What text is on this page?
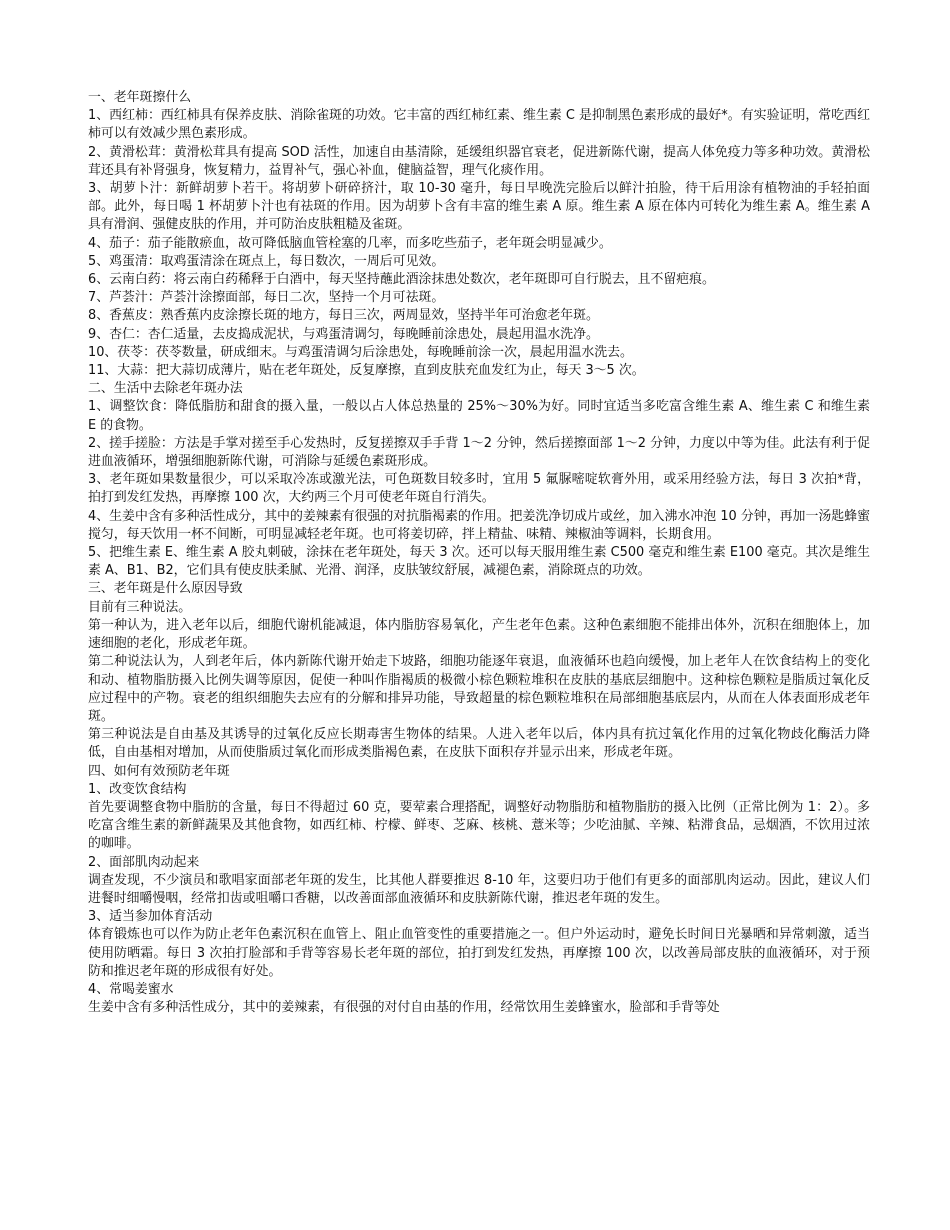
一、老年斑擦什么

1、西红柿：西红柿具有保养皮肤、消除雀斑的功效。它丰富的西红柿红素、维生素 C 是抑制黑色素形成的最好*。有实验证明，常吃西红柿可以有效减少黑色素形成。

2、黄滑松茸：黄滑松茸具有提高 SOD 活性，加速自由基清除，延缓组织器官衰老，促进新陈代谢，提高人体免疫力等多种功效。黄滑松茸还具有补肾强身，恢复精力，益胃补气，强心补血，健脑益智，理气化痰作用。

3、胡萝卜汁：新鲜胡萝卜若干。将胡萝卜研碎挤汁，取 10-30 毫升，每日早晚洗完脸后以鲜汁拍脸，待干后用涂有植物油的手轻拍面部。此外，每日喝 1 杯胡萝卜汁也有祛斑的作用。因为胡萝卜含有丰富的维生素 A 原。维生素 A 原在体内可转化为维生素 A。维生素 A 具有滑润、强健皮肤的作用，并可防治皮肤粗糙及雀斑。

4、茄子：茄子能散瘀血，故可降低脑血管栓塞的几率，而多吃些茄子，老年斑会明显减少。

5、鸡蛋清：取鸡蛋清涂在斑点上，每日数次，一周后可见效。

6、云南白药：将云南白药稀释于白酒中，每天坚持蘸此酒涂抹患处数次，老年斑即可自行脱去，且不留疤痕。

7、芦荟汁：芦荟汁涂擦面部，每日二次，坚持一个月可祛斑。

8、香蕉皮：熟香蕉内皮涂擦长斑的地方，每日三次，两周显效，坚持半年可治愈老年斑。

9、杏仁：杏仁适量，去皮捣成泥状，与鸡蛋清调匀，每晚睡前涂患处，晨起用温水洗净。

10、茯苓：茯苓数量，研成细末。与鸡蛋清调匀后涂患处，每晚睡前涂一次，晨起用温水洗去。

11、大蒜：把大蒜切成薄片，贴在老年斑处，反复摩擦，直到皮肤充血发红为止，每天 3～5 次。

二、生活中去除老年斑办法

1、调整饮食：降低脂肪和甜食的摄入量，一般以占人体总热量的 25%～30%为好。同时宜适当多吃富含维生素 A、维生素 C 和维生素 E 的食物。

2、搓手搓脸：方法是手掌对搓至手心发热时，反复搓擦双手手背 1～2 分钟，然后搓擦面部 1～2 分钟，力度以中等为佳。此法有利于促进血液循环，增强细胞新陈代谢，可消除与延缓色素斑形成。

3、老年斑如果数量很少，可以采取冷冻或激光法，可色斑数目较多时，宜用 5 氟脲嘧啶软膏外用，或采用经验方法，每日 3 次拍*背，拍打到发红发热，再摩擦 100 次，大约两三个月可使老年斑自行消失。

4、生姜中含有多种活性成分，其中的姜辣素有很强的对抗脂褐素的作用。把姜洗净切成片或丝，加入沸水冲泡 10 分钟，再加一汤匙蜂蜜搅匀，每天饮用一杯不间断，可明显减轻老年斑。也可将姜切碎，拌上精盐、味精、辣椒油等调料，长期食用。

5、把维生素 E、维生素 A 胶丸刺破，涂抹在老年斑处，每天 3 次。还可以每天服用维生素 C500 毫克和维生素 E100 毫克。其次是维生素 A、B1、B2，它们具有使皮肤柔腻、光滑、润泽，皮肤皱纹舒展，减褪色素，消除斑点的功效。

三、老年斑是什么原因导致

目前有三种说法。

第一种认为，进入老年以后，细胞代谢机能减退，体内脂肪容易氧化，产生老年色素。这种色素细胞不能排出体外，沉积在细胞体上，加速细胞的老化，形成老年斑。

第二种说法认为，人到老年后，体内新陈代谢开始走下坡路，细胞功能逐年衰退，血液循环也趋向缓慢，加上老年人在饮食结构上的变化和动、植物脂肪摄入比例失调等原因，促使一种叫作脂褐质的极微小棕色颗粒堆积在皮肤的基底层细胞中。这种棕色颗粒是脂质过氧化反应过程中的产物。衰老的组织细胞失去应有的分解和排异功能，导致超量的棕色颗粒堆积在局部细胞基底层内，从而在人体表面形成老年斑。

第三种说法是自由基及其诱导的过氧化反应长期毒害生物体的结果。人进入老年以后，体内具有抗过氧化作用的过氧化物歧化酶活力降低，自由基相对增加，从而使脂质过氧化而形成类脂褐色素，在皮肤下面积存并显示出来，形成老年斑。

四、如何有效预防老年斑

1、改变饮食结构

首先要调整食物中脂肪的含量，每日不得超过 60 克，要荤素合理搭配，调整好动物脂肪和植物脂肪的摄入比例（正常比例为 1：2）。多吃富含维生素的新鲜蔬果及其他食物，如西红柿、柠檬、鲜枣、芝麻、核桃、薏米等；少吃油腻、辛辣、粘滞食品，忌烟酒，不饮用过浓的咖啡。

2、面部肌肉动起来

调查发现，不少演员和歌唱家面部老年斑的发生，比其他人群要推迟 8-10 年，这要归功于他们有更多的面部肌肉运动。因此，建议人们进餐时细嚼慢咽，经常扣齿或咀嚼口香糖，以改善面部血液循环和皮肤新陈代谢，推迟老年斑的发生。

3、适当参加体育活动

体育锻炼也可以作为防止老年色素沉积在血管上、阻止血管变性的重要措施之一。但户外运动时，避免长时间日光暴晒和异常刺激，适当使用防晒霜。每日 3 次拍打脸部和手背等容易长老年斑的部位，拍打到发红发热，再摩擦 100 次，以改善局部皮肤的血液循环，对于预防和推迟老年斑的形成很有好处。

4、常喝姜蜜水

生姜中含有多种活性成分，其中的姜辣素，有很强的对付自由基的作用，经常饮用生姜蜂蜜水，脸部和手背等处
